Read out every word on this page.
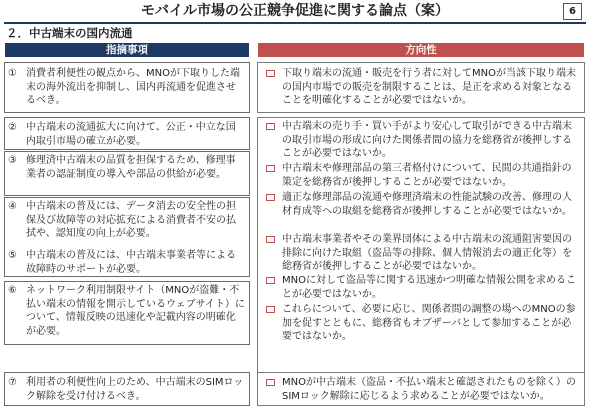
モバイル市場の公正競争促進に関する論点（案）	6
２．中古端末の国内流通
指摘事項	方向性
① 消費者利便性の観点から、MNOが下取りした端末の海外流出を抑制し、国内再流通を促進させるべき。
② 中古端末の流通拡大に向けて、公正・中立な国内取引市場の確立が必要。
③ 修理済中古端末の品質を担保するため、修理事業者の認証制度の導入や部品の供給が必要。
④ 中古端末の普及には、データ消去の安全性の担保及び故障等の対応拡充による消費者不安の払拭や、認知度の向上が必要。
⑤ 中古端末の普及には、中古端末事業者等による故障時のサポートが必要。
⑥ ネットワーク利用制限サイト（MNOが盗難・不払い端末の情報を開示しているウェブサイト）について、情報反映の迅速化や記載内容の明確化が必要。
⑦ 利用者の利便性向上のため、中古端末のSIMロック解除を受け付けるべき。
下取り端末の流通・販売を行う者に対してMNOが当該下取り端末の国内市場での販売を制限することは、是正を求める対象となることを明確化することが必要ではないか。
中古端末の売り手・買い手がより安心して取引ができる中古端末の取引市場の形成に向けた関係者間の協力を総務省が後押しすることが必要ではないか。
中古端末や修理部品の第三者格付けについて、民間の共通指針の策定を総務省が後押しすることが必要ではないか。
適正な修理部品の流通や修理済端末の性能試験の改善、修理の人材育成等への取組を総務省が後押しすることが必要ではないか。
中古端末事業者やその業界団体による中古端末の流通阻害要因の排除に向けた取組（盗品等の排除、個人情報消去の適正化等）を総務省が後押しすることが必要ではないか。
MNOに対して盗品等に関する迅速かつ明確な情報公開を求めることが必要ではないか。
これらについて、必要に応じ、関係者間の調整の場へのMNOの参加を促すとともに、総務省もオブザーバとして参加することが必要ではないか。
MNOが中古端末（盗品・不払い端末と確認されたものを除く）のSIMロック解除に応じるよう求めることが必要ではないか。
